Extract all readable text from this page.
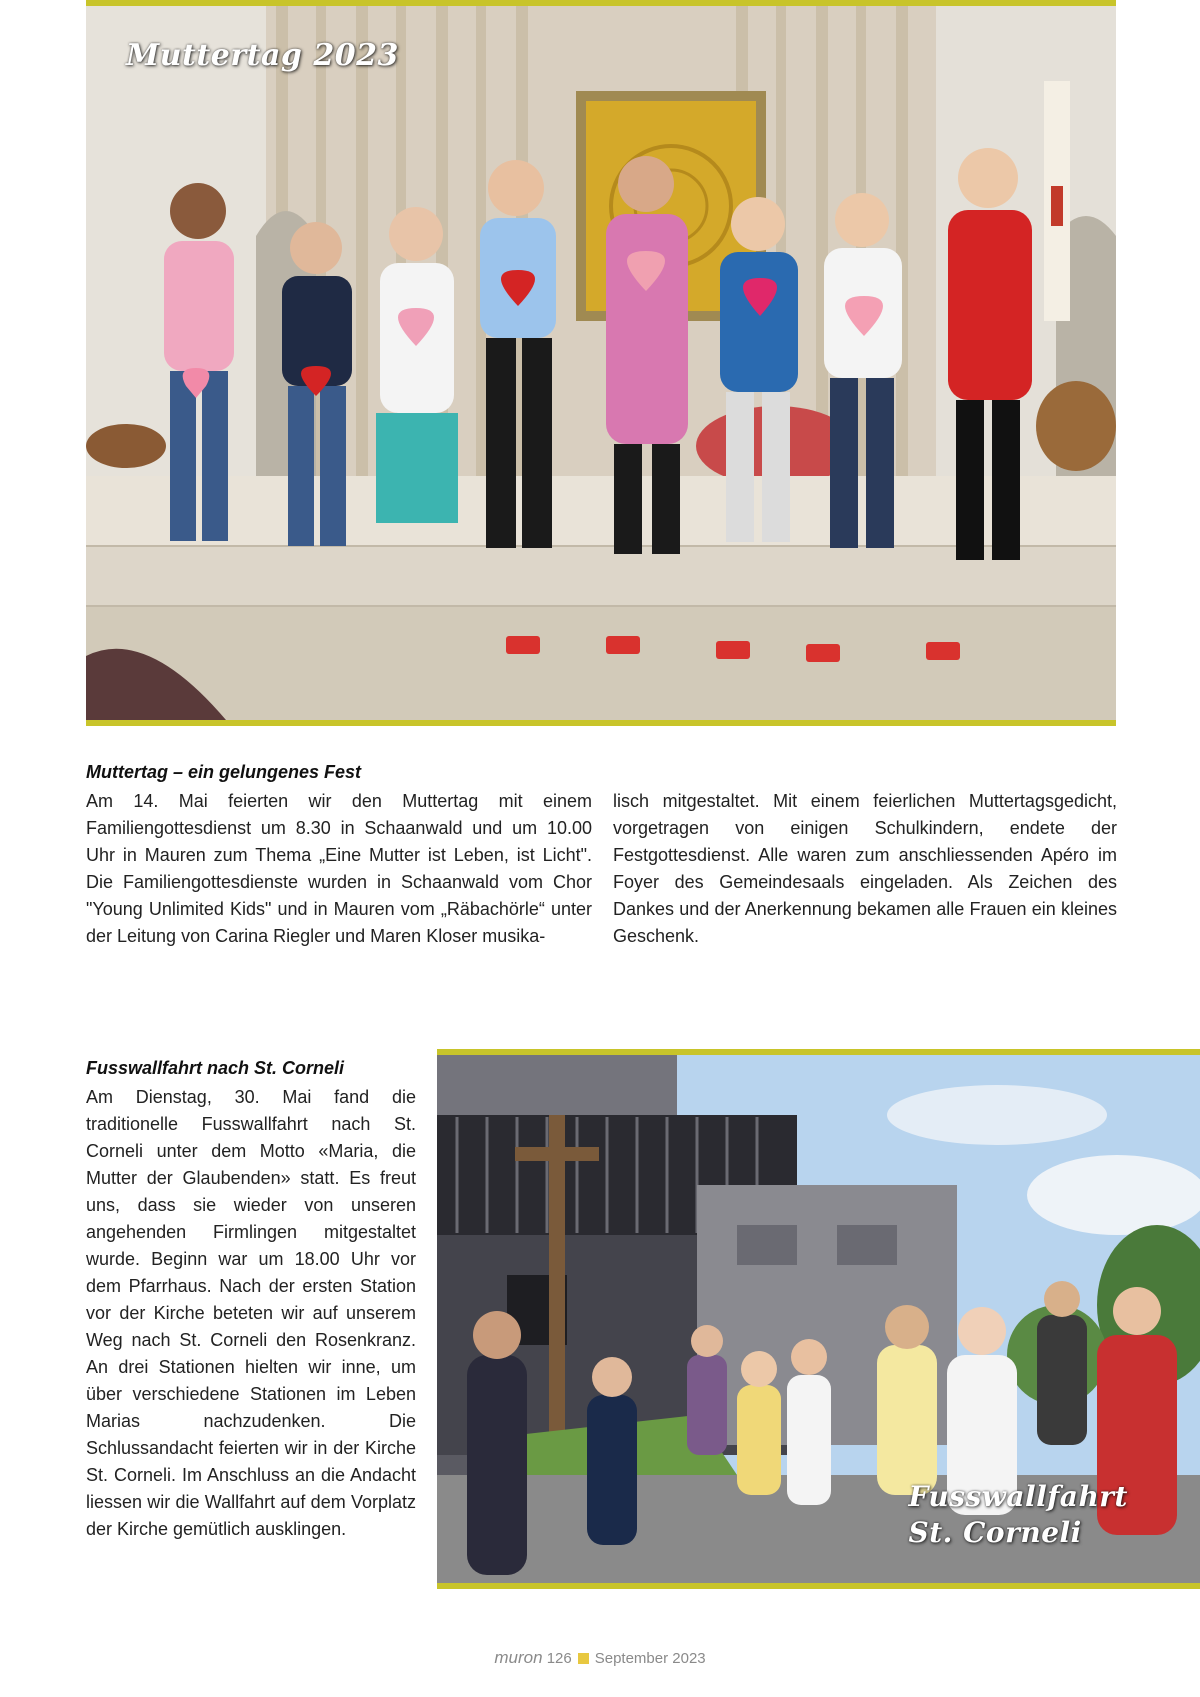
Muttertag 2023
Muttertag – ein gelungenes Fest
Am 14. Mai feierten wir den Muttertag mit einem Familiengottesdienst um 8.30 in Schaanwald und um 10.00 Uhr in Mauren zum Thema „Eine Mutter ist Leben, ist Licht". Die Familiengottesdienste wurden in Schaanwald vom Chor "Young Unlimited Kids" und in Mauren vom „Räbachörle“ unter der Leitung von Carina Riegler und Maren Kloser musika-
lisch mitgestaltet. Mit einem feierlichen Muttertagsgedicht, vorgetragen von einigen Schulkindern, endete der Festgottesdienst. Alle waren zum anschliessenden Apéro im Foyer des Gemeindesaals eingeladen. Als Zeichen des Dankes und der Anerkennung bekamen alle Frauen ein kleines Geschenk.
Fusswallfahrt nach St. Corneli
Am Dienstag, 30. Mai fand die traditionelle Fusswallfahrt nach St. Corneli unter dem Motto «Maria, die Mutter der Glaubenden» statt. Es freut uns, dass sie wieder von unseren angehenden Firmlingen mitgestaltet wurde. Beginn war um 18.00 Uhr vor dem Pfarrhaus. Nach der ersten Station vor der Kirche beteten wir auf unserem Weg nach St. Corneli den Rosenkranz. An drei Stationen hielten wir inne, um über verschiedene Stationen im Leben Marias nachzudenken. Die Schlussandacht feierten wir in der Kirche St. Corneli. Im Anschluss an die Andacht liessen wir die Wallfahrt auf dem Vorplatz der Kirche gemütlich ausklingen.
Fusswallfahrt
St. Corneli
muron 126 September 2023
